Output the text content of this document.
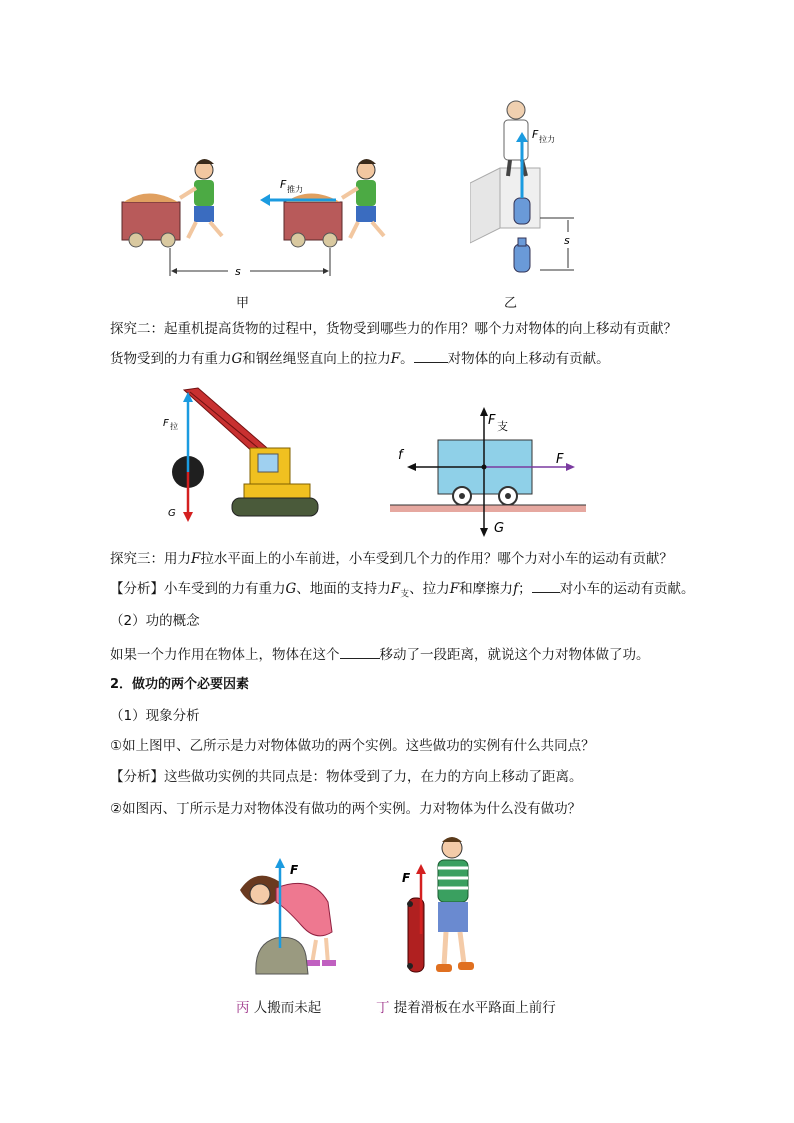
F 推力
s
甲
F 拉力
s
乙
探究二：起重机提高货物的过程中，货物受到哪些力的作用？哪个力对物体的向上移动有贡献？
货物受到的力有重力G和钢丝绳竖直向上的拉力F。	对物体的向上移动有贡献。
F 拉
G
F 支
f	F
G
探究三：用力F拉水平面上的小车前进，小车受到几个力的作用？哪个力对小车的运动有贡献？
【分析】小车受到的力有重力G、地面的支持力$F_支$、拉力F和摩擦力f； 对小车的运动有贡献。
（2）功的概念
如果一个力作用在物体上，物体在这个	移动了一段距离，就说这个力对物体做了功。
2．做功的两个必要因素
（1）现象分析
①如上图甲、乙所示是力对物体做功的两个实例。这些做功的实例有什么共同点？
【分析】这些做功实例的共同点是：物体受到了力，在力的方向上移动了距离。
②如图丙、丁所示是力对物体没有做功的两个实例。力对物体为什么没有做功？
F
F
丙 人搬而未起	丁 提着滑板在水平路面上前行
